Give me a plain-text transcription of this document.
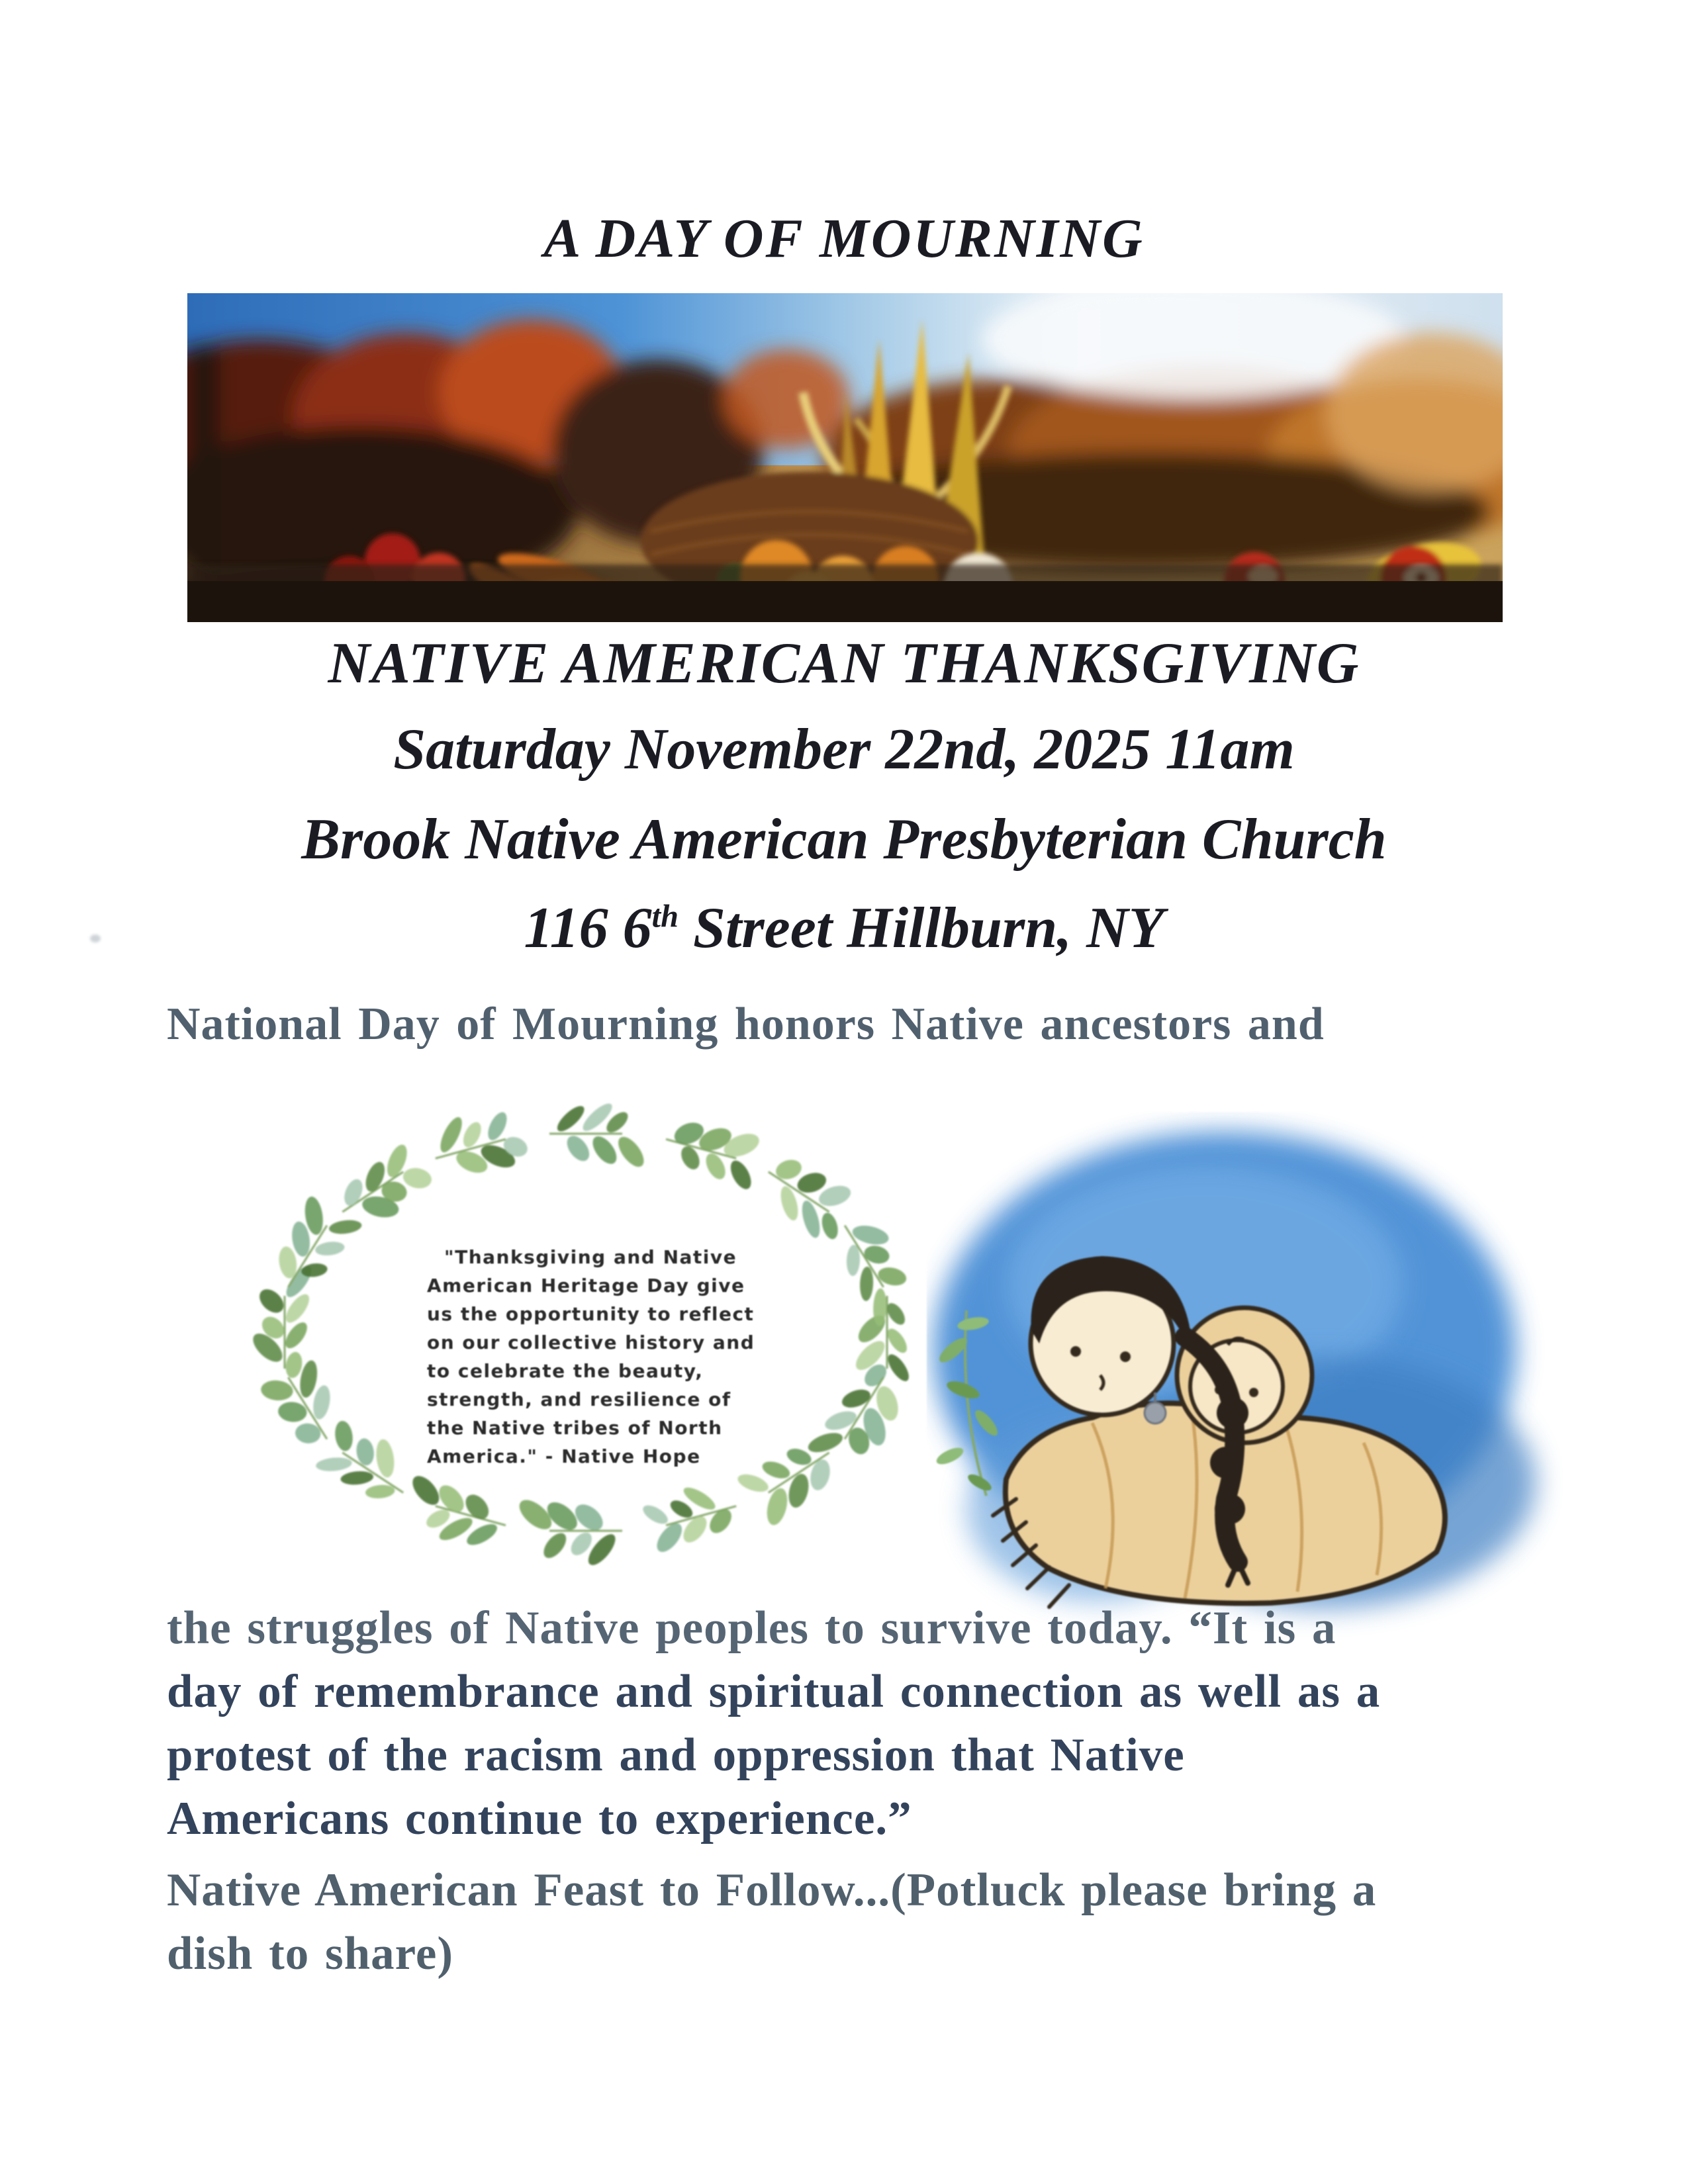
A DAY OF MOURNING
NATIVE AMERICAN THANKSGIVING
Saturday November 22nd, 2025 11am
Brook Native American Presbyterian Church
116 6th Street Hillburn, NY
National Day of Mourning honors Native ancestors and
"Thanksgiving and Native
American Heritage Day give
us the opportunity to reflect
on our collective history and
to celebrate the beauty,
strength, and resilience of
the Native tribes of North
America." - Native Hope
the struggles of Native peoples to survive today. “It is a
day of remembrance and spiritual connection as well as a
protest of the racism and oppression that Native
Americans continue to experience.”
Native American Feast to Follow...(Potluck please bring a
dish to share)
